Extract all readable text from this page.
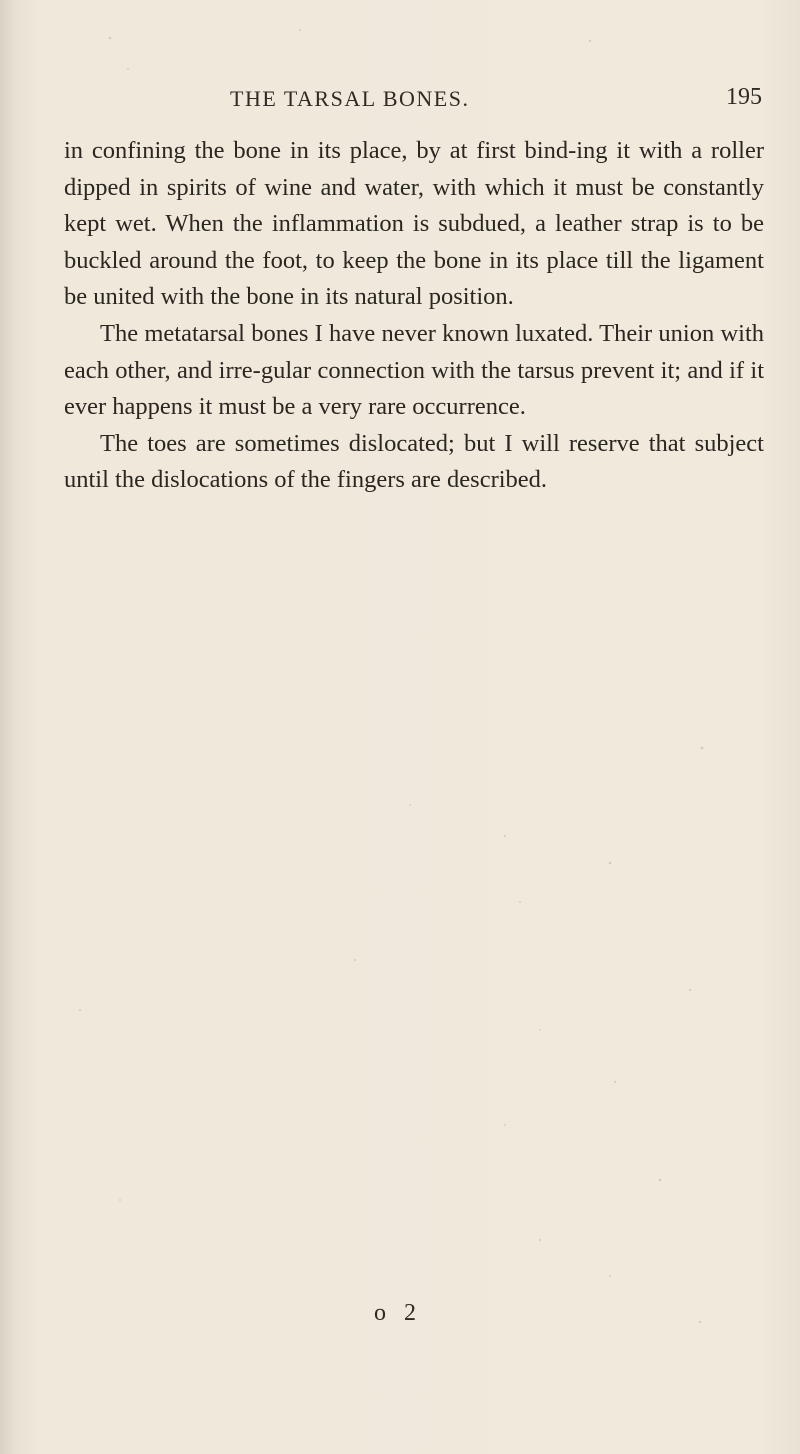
THE TARSAL BONES.	195

in confining the bone in its place, by at first bind-ing it with a roller dipped in spirits of wine and water, with which it must be constantly kept wet. When the inflammation is subdued, a leather strap is to be buckled around the foot, to keep the bone in its place till the ligament be united with the bone in its natural position.

The metatarsal bones I have never known luxated. Their union with each other, and irre-gular connection with the tarsus prevent it; and if it ever happens it must be a very rare occurrence.

The toes are sometimes dislocated; but I will reserve that subject until the dislocations of the fingers are described.

o 2
